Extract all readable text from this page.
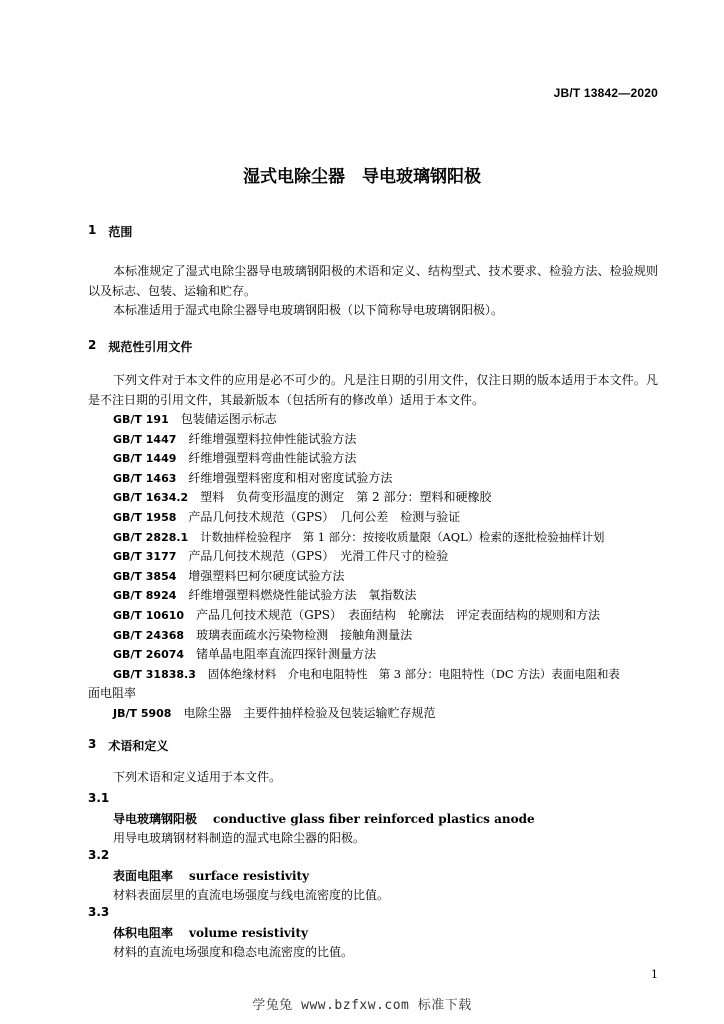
JB/T 13842—2020
湿式电除尘器　导电玻璃钢阳极
1 范围

本标准规定了湿式电除尘器导电玻璃钢阳极的术语和定义、结构型式、技术要求、检验方法、检验规则以及标志、包装、运输和贮存。

本标准适用于湿式电除尘器导电玻璃钢阳极（以下简称导电玻璃钢阳极）。

2 规范性引用文件

下列文件对于本文件的应用是必不可少的。凡是注日期的引用文件，仅注日期的版本适用于本文件。凡是不注日期的引用文件，其最新版本（包括所有的修改单）适用于本文件。

GB/T 191　 包装储运图示标志
GB/T 1447　 纤维增强塑料拉伸性能试验方法
GB/T 1449　 纤维增强塑料弯曲性能试验方法
GB/T 1463　 纤维增强塑料密度和相对密度试验方法
GB/T 1634.2　 塑料　负荷变形温度的测定　第 2 部分：塑料和硬橡胶
GB/T 1958　 产品几何技术规范（GPS）　几何公差　检测与验证
GB/T 2828.1　 计数抽样检验程序　第 1 部分：按接收质量限（AQL）检索的逐批检验抽样计划
GB/T 3177　 产品几何技术规范（GPS）　光滑工件尺寸的检验
GB/T 3854　 增强塑料巴柯尔硬度试验方法
GB/T 8924　 纤维增强塑料燃烧性能试验方法　氧指数法
GB/T 10610　 产品几何技术规范（GPS）　表面结构　轮廓法　评定表面结构的规则和方法
GB/T 24368　 玻璃表面疏水污染物检测　接触角测量法
GB/T 26074　 锗单晶电阻率直流四探针测量方法
GB/T 31838.3　 固体绝缘材料　介电和电阻特性　第 3 部分：电阻特性（DC 方法）表面电阻和表
面电阻率
JB/T 5908　 电除尘器　主要件抽样检验及包装运输贮存规范
3 术语和定义

下列术语和定义适用于本文件。

3.1
导电玻璃钢阳极 conductive glass fiber reinforced plastics anode
用导电玻璃钢材料制造的湿式电除尘器的阳极。
3.2
表面电阻率 surface resistivity
材料表面层里的直流电场强度与线电流密度的比值。
3.3
体积电阻率 volume resistivity
材料的直流电场强度和稳态电流密度的比值。
1
学兔兔 www.bzfxw.com 标准下载
